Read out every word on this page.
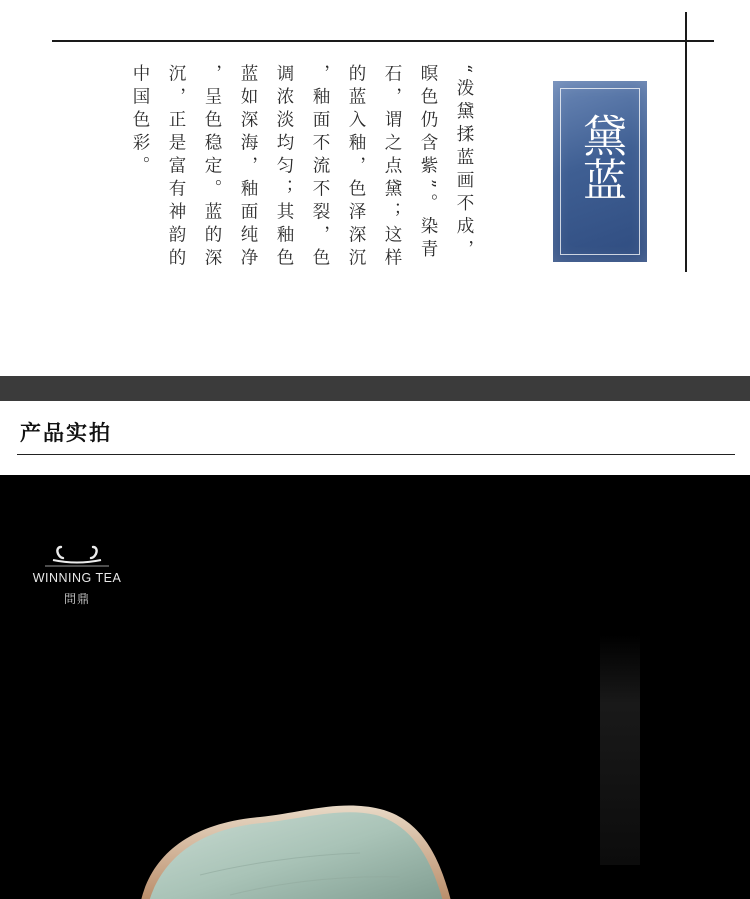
黛
蓝

“泼黛揉蓝画不成，

暝色仍含紫”。染青

石，谓之点黛；这样

的蓝入釉，色泽深沉

，釉面不流不裂，色

调浓淡均匀；其釉色

蓝如深海，釉面纯净

，呈色稳定。蓝的深

沉，正是富有神韵的

中国色彩。

产品实拍
WINNING TEA
問鼎
